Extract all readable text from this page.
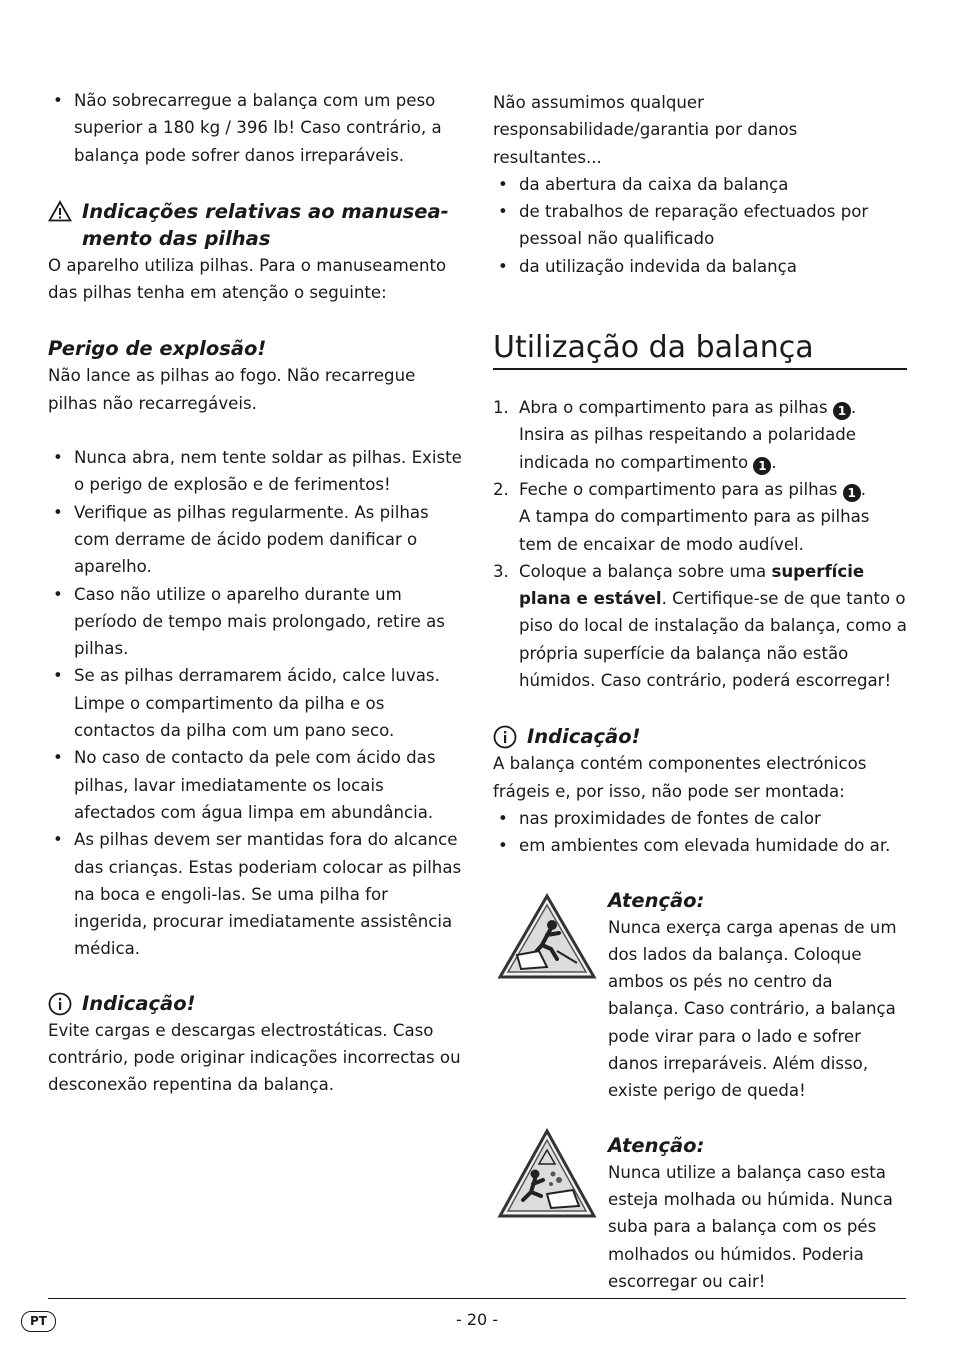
• Não sobrecarregue a balança com um peso superior a 180 kg / 396 lb! Caso contrário, a balança pode sofrer danos irreparáveis.
Indicações relativas ao manusea-
mento das pilhas

O aparelho utiliza pilhas. Para o manuseamento das pilhas tenha em atenção o seguinte:

Perigo de explosão!

Não lance as pilhas ao fogo. Não recarregue pilhas não recarregáveis.

• Nunca abra, nem tente soldar as pilhas. Existe o perigo de explosão e de ferimentos!
• Verifique as pilhas regularmente. As pilhas com derrame de ácido podem danificar o aparelho.
• Caso não utilize o aparelho durante um período de tempo mais prolongado, retire as pilhas.
• Se as pilhas derramarem ácido, calce luvas. Limpe o compartimento da pilha e os contactos da pilha com um pano seco.
• No caso de contacto da pele com ácido das pilhas, lavar imediatamente os locais afectados com água limpa em abundância.
• As pilhas devem ser mantidas fora do alcance das crianças. Estas poderiam colocar as pilhas na boca e engoli-las. Se uma pilha for ingerida, procurar imediatamente assistência médica.
Indicação!

Evite cargas e descargas electrostáticas. Caso contrário, pode originar indicações incorrectas ou desconexão repentina da balança.

Não assumimos qualquer responsabilidade/garantia por danos resultantes...

• da abertura da caixa da balança
• de trabalhos de reparação efectuados por pessoal não qualificado
• da utilização indevida da balança
Utilização da balança
1. Abra o compartimento para as pilhas 1 . Insira as pilhas respeitando a polaridade indicada no compartimento 1 .
2. Feche o compartimento para as pilhas 1 .
A tampa do compartimento para as pilhas tem de encaixar de modo audível.
3. Coloque a balança sobre uma superfície plana e estável. Certifique-se de que tanto o piso do local de instalação da balança, como a própria superfície da balança não estão húmidos. Caso contrário, poderá escorregar!
Indicação!

A balança contém componentes electrónicos frágeis e, por isso, não pode ser montada:

• nas proximidades de fontes de calor
• em ambientes com elevada humidade do ar.
Atenção:

Nunca exerça carga apenas de um dos lados da balança. Coloque ambos os pés no centro da balança. Caso contrário, a balança pode virar para o lado e sofrer danos irreparáveis. Além disso, existe perigo de queda!

Atenção:

Nunca utilize a balança caso esta esteja molhada ou húmida. Nunca suba para a balança com os pés molhados ou húmidos. Poderia escorregar ou cair!

PT	- 20 -
